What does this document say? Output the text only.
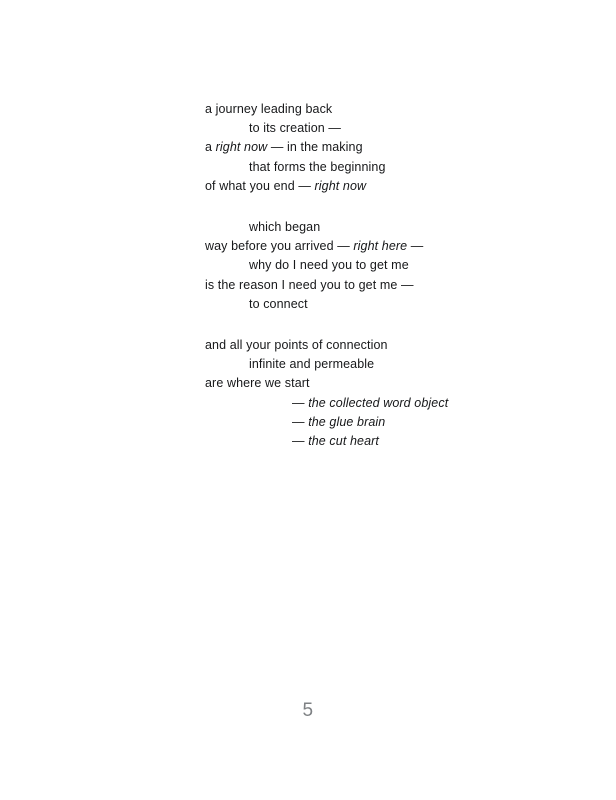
a journey leading back
to its creation —
a right now — in the making
that forms the beginning
of what you end — right now
which began
way before you arrived — right here —
why do I need you to get me
is the reason I need you to get me —
to connect
and all your points of connection
infinite and permeable
are where we start
— the collected word object
— the glue brain
— the cut heart
5
